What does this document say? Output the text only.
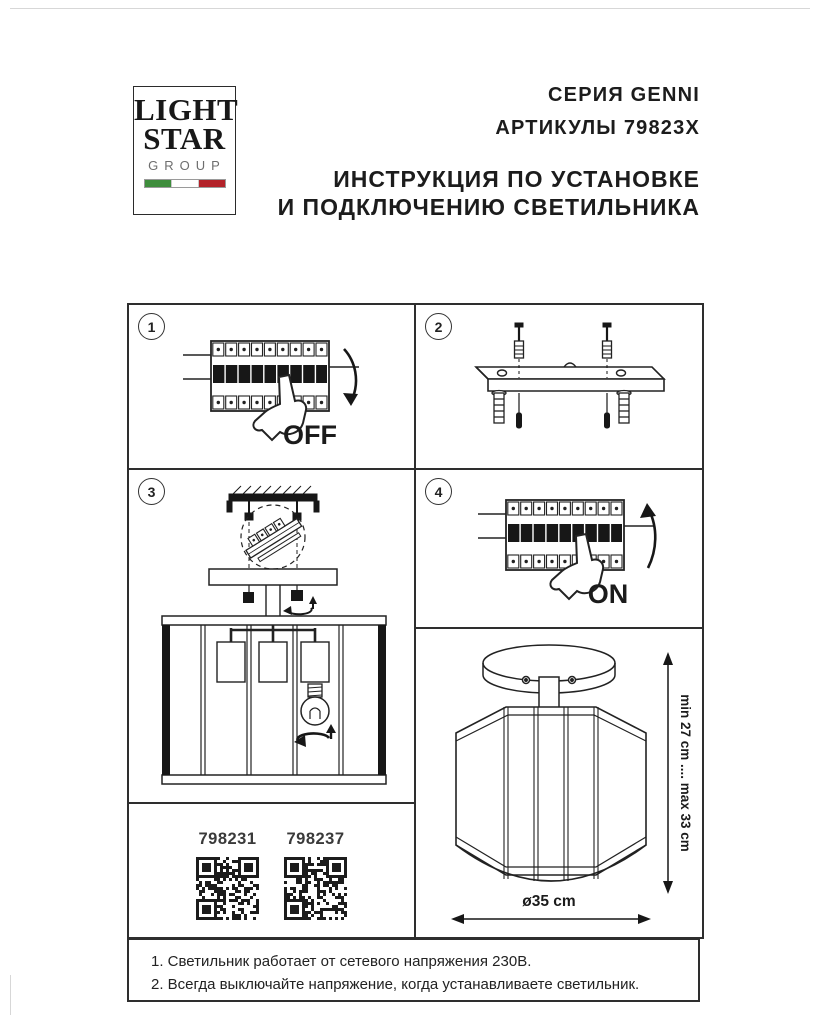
LIGHT
STAR
GROUP
СЕРИЯ GENNI
АРТИКУЛЫ 79823X
ИНСТРУКЦИЯ ПО УСТАНОВКЕ
И ПОДКЛЮЧЕНИЮ СВЕТИЛЬНИКА
1
OFF
2
3	4
ON
798231 798237	min 27 cm .... max 33 cm
ø35 cm
1. Светильник работает от сетевого напряжения 230В.
2. Всегда выключайте напряжение, когда устанавливаете светильник.
